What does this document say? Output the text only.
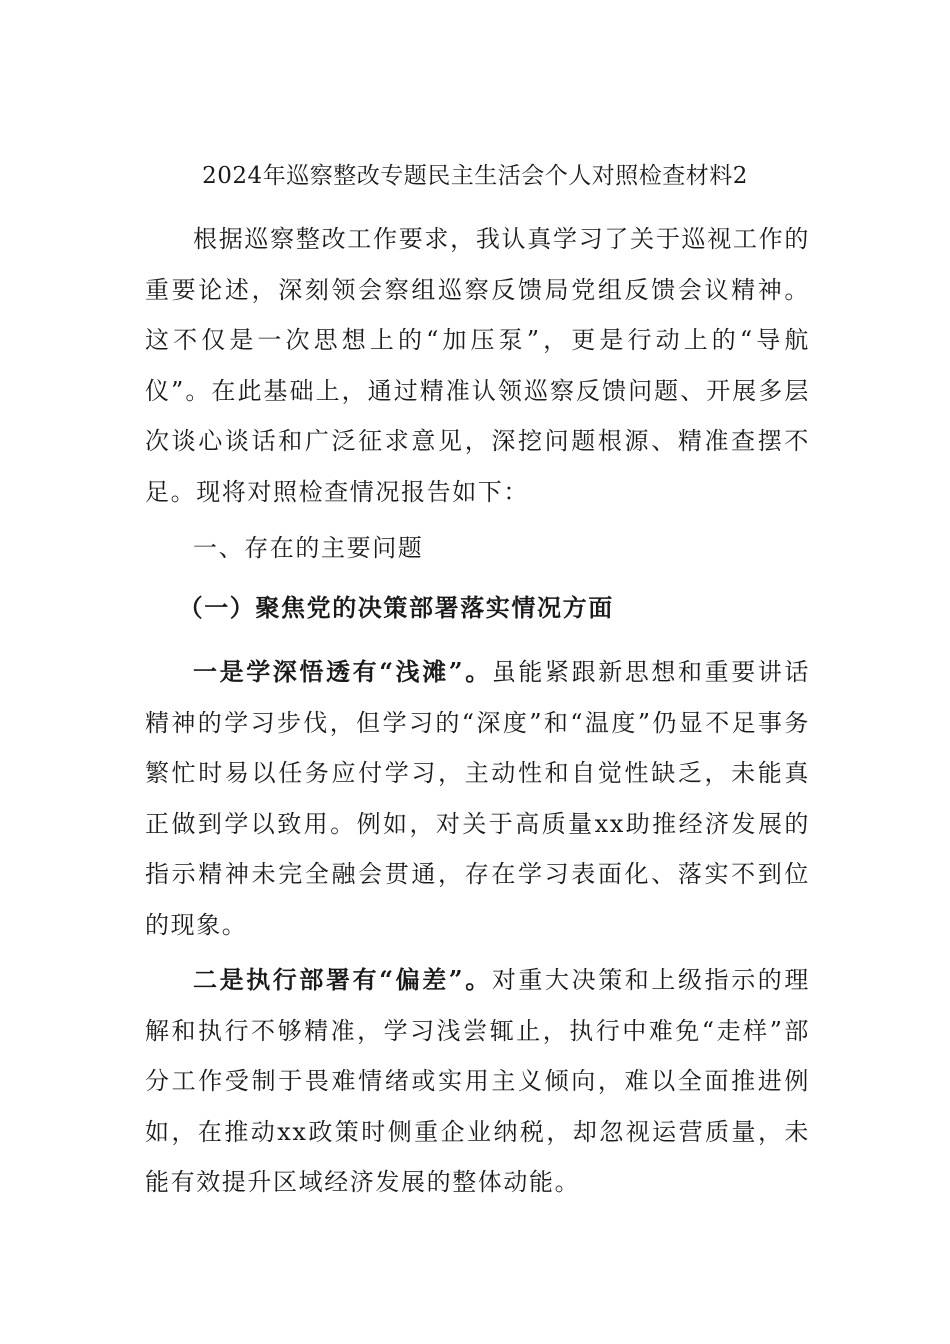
2024年巡察整改专题民主生活会个人对照检查材料2

根据巡察整改工作要求，我认真学习了关于巡视工作的重要论述，深刻领会察组巡察反馈局党组反馈会议精神。这不仅是一次思想上的“加压泵”，更是行动上的“导航仪”。在此基础上，通过精准认领巡察反馈问题、开展多层次谈心谈话和广泛征求意见，深挖问题根源、精准查摆不足。现将对照检查情况报告如下：

一、存在的主要问题

（一）聚焦党的决策部署落实情况方面

一是学深悟透有“浅滩”。虽能紧跟新思想和重要讲话精神的学习步伐，但学习的“深度”和“温度”仍显不足事务繁忙时易以任务应付学习，主动性和自觉性缺乏，未能真正做到学以致用。例如，对关于高质量xx助推经济发展的指示精神未完全融会贯通，存在学习表面化、落实不到位的现象。

二是执行部署有“偏差”。对重大决策和上级指示的理解和执行不够精准，学习浅尝辄止，执行中难免“走样”部分工作受制于畏难情绪或实用主义倾向，难以全面推进例如，在推动xx政策时侧重企业纳税，却忽视运营质量，未能有效提升区域经济发展的整体动能。
